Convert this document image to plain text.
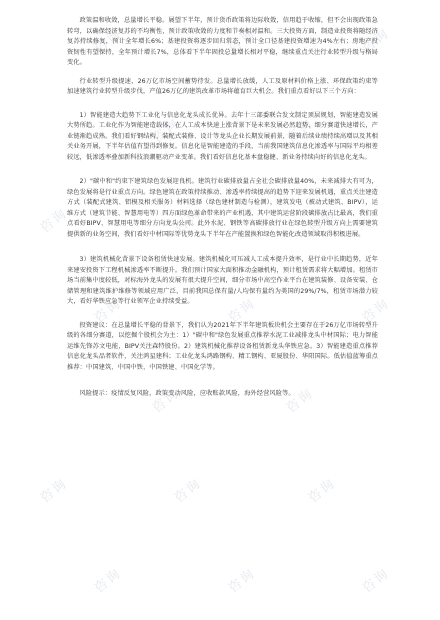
咨询	咨询	咨询
咨询	咨询
咨询	咨询	咨询
咨询	咨询	咨询
咨询	咨询
咨询	咨询	咨询
咨询	咨询	咨询

政策温和收敛，总量增长平稳。展望下半年，预计货币政策将边际收敛，信用趋于收缩，但不会出现政策急转弯，以确保经济复苏的不均衡性，预计政策收敛的力度和节奏相对温和。三大投资方面，制造业投资将随经济复苏持续修复，预计全年增长6%；基建投资将逐步回归常态，预计全口径基建投资增速为4%左右；房地产投资韧性有望保持，全年预计增长7%，总体看下半年固投总量增长相对平稳，继续重点关注行业转型升级与格局变化。

行业转型升级提速，26万亿市场空间蓄势待发。总量增长放缓，人工及原材料价格上涨、环保政策约束等加速建筑行业转型升级步伐，产值26万亿的建筑改革市场将蕴育巨大机会。我们重点看好以下三个方向：

1）智能建造大趋势下工业化与信息化龙头成长优异。去年十三部委联合发文制定顶层规划，智能建造发展大势所趋。工业化作为智能建造载体，在人工成本快速上涨背景下是未来发展必然趋势，细分赛道快速增长，产业链渐趋成熟。我们看好钢结构、装配式装修、设计等龙头企业长期发展前景，随着后续业绩持续高增以及其相关业务开展，下半年估值有望得到修复。信息化是智能建造的手段，当前我国建筑信息化渗透率与国际平均相差较远，低渗透率叠加新科技浪潮驱动产业变革。我们看好信息化基本盘稳健、新业务持续向好的信息化龙头。

2）"碳中和"约束下建筑绿色发展迎良机。建筑行业碳排放量占全社会碳排放量40%，未来减排大有可为，绿色发展将是行业重点方向。绿色建筑在政策持续推动、渗透率持续提高的趋势下迎来发展机遇，重点关注建造方式（装配式建筑、铝模及相关服务）材料选择（绿色建材制造与检测），建筑发电（被动式建筑、BIPV），运维方式（建筑节能、智慧用电等）四方面绿色革命带来的产业机遇，其中建筑运营阶段碳排放占比最高，我们重点看好BIPV、智慧用电等细分方向龙头公司。此外水泥、钢铁等高碳排放行业在绿色转型升级方向上需要建筑提供新的业务空间，我们看好中材国际等优势龙头下半年在产能置换和绿色智能化改造领域取得积极进展。

3）建筑机械化背景下设备租赁快速发展。建筑机械化可压减人工成本提升效率，是行业中长期趋势，近年来建安投资下工程机械渗透率不断提升。我们预计国家大面积推动金融机构，预计租赁需求将大幅增加。租赁市场当前集中度较低，对标海外龙头的发展有很大提升空间，细分市场中高空作业平台在建筑装修、设备安装、仓储管理和建筑维护维修等领域应用广泛，目前我国总保有量/人均保有量约为美国的29%/7%，租赁市场潜力较大，看好华铁应急等行业领军企业持续受益。

投资建议：在总量增长平稳的背景下，我们认为2021年下半年建筑板块机会主要存在于26万亿市场转型升级的各细分赛道，以挖掘个股机会为主：1）"碳中和"绿色发展重点推荐水泥工业减排龙头中材国际；电力智能运维先锋苏文电能，BIPV关注森特股份。2）建筑机械化推荐设备租赁新龙头华铁应急。3）智能建造重点推荐信息化龙头品者软件，关注鸿星建科；工业化龙头鸿路钢构、精工钢构、亚厦股份、华阳国际。低估值蓝筹重点推荐：中国建筑、中国中铁、中国铁建、中国化学等。

风险提示：疫情反复风险，政策变动风险，应收账款风险，海外经营风险等。
